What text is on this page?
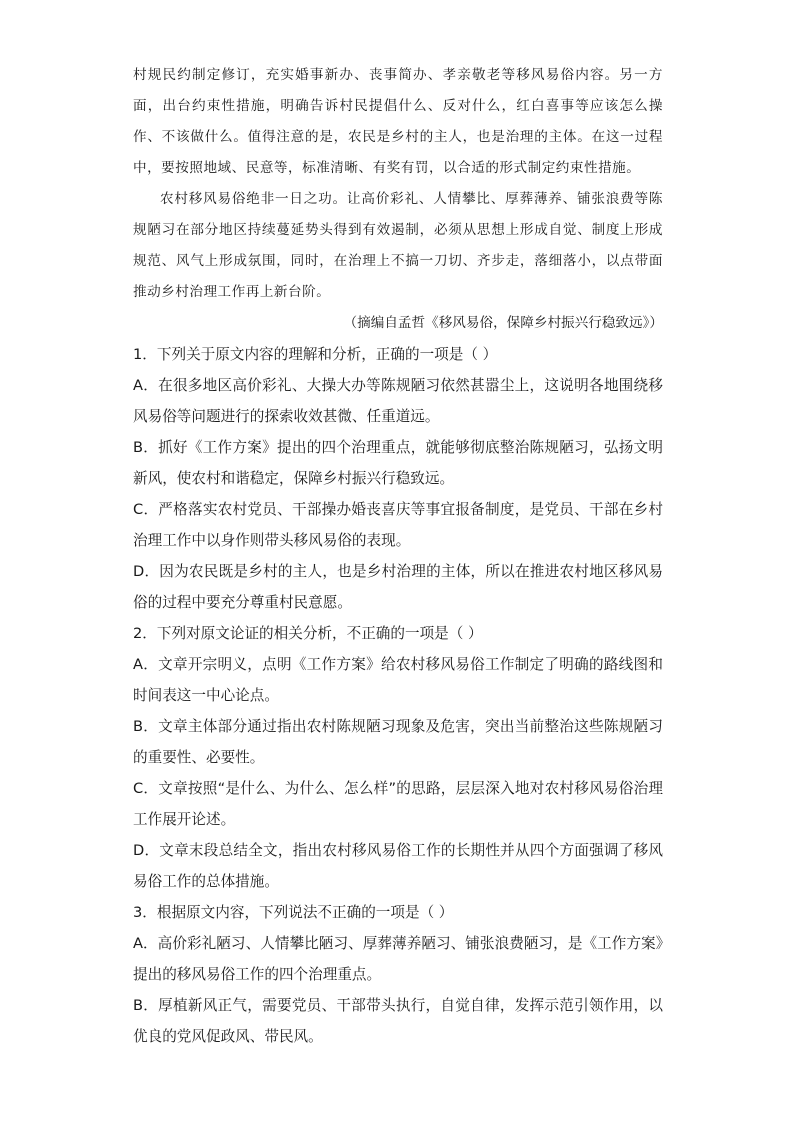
村规民约制定修订，充实婚事新办、丧事简办、孝亲敬老等移风易俗内容。另一方面，出台约束性措施，明确告诉村民提倡什么、反对什么，红白喜事等应该怎么操作、不该做什么。值得注意的是，农民是乡村的主人，也是治理的主体。在这一过程中，要按照地域、民意等，标准清晰、有奖有罚，以合适的形式制定约束性措施。

农村移风易俗绝非一日之功。让高价彩礼、人情攀比、厚葬薄养、铺张浪费等陈规陋习在部分地区持续蔓延势头得到有效遏制，必须从思想上形成自觉、制度上形成规范、风气上形成氛围，同时，在治理上不搞一刀切、齐步走，落细落小，以点带面推动乡村治理工作再上新台阶。

（摘编自孟哲《移风易俗，保障乡村振兴行稳致远》）

1．下列关于原文内容的理解和分析，正确的一项是（ ）

A．在很多地区高价彩礼、大操大办等陈规陋习依然甚嚣尘上，这说明各地围绕移风易俗等问题进行的探索收效甚微、任重道远。

B．抓好《工作方案》提出的四个治理重点，就能够彻底整治陈规陋习，弘扬文明新风，使农村和谐稳定，保障乡村振兴行稳致远。

C．严格落实农村党员、干部操办婚丧喜庆等事宜报备制度，是党员、干部在乡村治理工作中以身作则带头移风易俗的表现。

D．因为农民既是乡村的主人，也是乡村治理的主体，所以在推进农村地区移风易俗的过程中要充分尊重村民意愿。

2．下列对原文论证的相关分析，不正确的一项是（ ）

A．文章开宗明义，点明《工作方案》给农村移风易俗工作制定了明确的路线图和时间表这一中心论点。

B．文章主体部分通过指出农村陈规陋习现象及危害，突出当前整治这些陈规陋习的重要性、必要性。

C．文章按照“是什么、为什么、怎么样”的思路，层层深入地对农村移风易俗治理工作展开论述。

D．文章末段总结全文，指出农村移风易俗工作的长期性并从四个方面强调了移风易俗工作的总体措施。

3．根据原文内容，下列说法不正确的一项是（ ）

A．高价彩礼陋习、人情攀比陋习、厚葬薄养陋习、铺张浪费陋习，是《工作方案》提出的移风易俗工作的四个治理重点。

B．厚植新风正气，需要党员、干部带头执行，自觉自律，发挥示范引领作用，以优良的党风促政风、带民风。
